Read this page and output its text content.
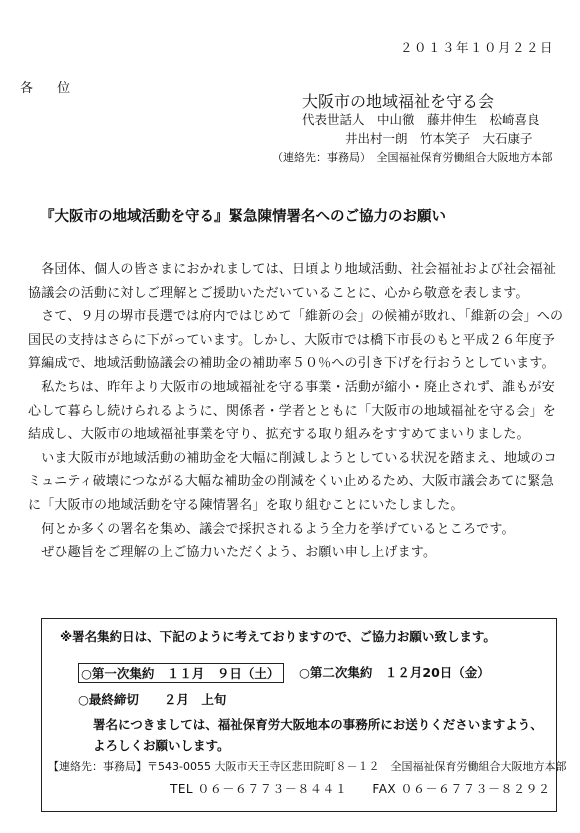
２０１３年１０月２２日
各 位
大阪市の地域福祉を守る会
代表世話人　中山徹　藤井伸生　松崎喜良
井出村一朗　竹本笑子　大石康子
（連絡先：事務局）　全国福祉保育労働組合大阪地方本部
『大阪市の地域活動を守る』緊急陳情署名へのご協力のお願い

　各団体、個人の皆さまにおかれましては、日頃より地域活動、社会福祉および社会福祉協議会の活動に対しご理解とご援助いただいていることに、心から敬意を表します。

　さて、９月の堺市長選では府内ではじめて「維新の会」の候補が敗れ、「維新の会」への国民の支持はさらに下がっています。しかし、大阪市では橋下市長のもと平成２６年度予算編成で、地域活動協議会の補助金の補助率５０％への引き下げを行おうとしています。

　私たちは、昨年より大阪市の地域福祉を守る事業・活動が縮小・廃止されず、誰もが安心して暮らし続けられるように、関係者・学者とともに「大阪市の地域福祉を守る会」を結成し、大阪市の地域福祉事業を守り、拡充する取り組みをすすめてまいりました。

　いま大阪市が地域活動の補助金を大幅に削減しようとしている状況を踏まえ、地域のコミュニティ破壊につながる大幅な補助金の削減をくい止めるため、大阪市議会あてに緊急に「大阪市の地域活動を守る陳情署名」を取り組むことにいたしました。

　何とか多くの署名を集め、議会で採択されるよう全力を挙げているところです。

　ぜひ趣旨をご理解の上ご協力いただくよう、お願い申し上げます。

※署名集約日は、下記のように考えておりますので、ご協力お願い致します。
○第一次集約　１１月　９日（土）	○第二次集約　１２月20日（金）
○最終締切　　２月　上旬
署名につきましては、福祉保育労大阪地本の事務所にお送りくださいますよう、
よろしくお願いします。
【連絡先：事務局】〒543-0055 大阪市天王寺区悲田院町８－１２　全国福祉保育労働組合大阪地方本部
TEL ０６－６７７３－８４４１　　FAX ０６－６７７３－８２９２
